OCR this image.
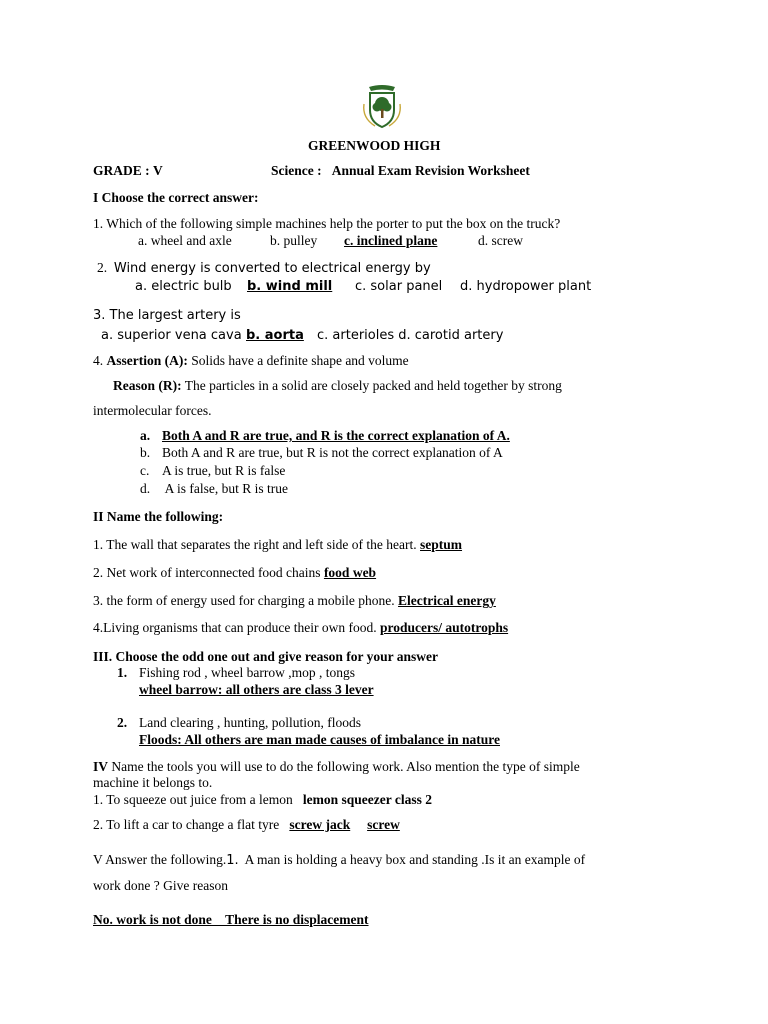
GREENWOOD HIGH
GRADE : V	Science : Annual Exam Revision Worksheet
I Choose the correct answer:
1. Which of the following simple machines help the porter to put the box on the truck?
a. wheel and axle	b. pulley c. inclined plane	d. screw
2. Wind energy is converted to electrical energy by
a. electric bulb b. wind mill c. solar panel d. hydropower plant
3. The largest artery is
a. superior vena cava b. aorta c. arterioles d. carotid artery
4. Assertion (A): Solids have a definite shape and volume
Reason (R): The particles in a solid are closely packed and held together by strong
intermolecular forces.
a. Both A and R are true, and R is the correct explanation of A.
b. Both A and R are true, but R is not the correct explanation of A
c. A is true, but R is false
d. A is false, but R is true
II Name the following:
1. The wall that separates the right and left side of the heart. septum
2. Net work of interconnected food chains food web
3. the form of energy used for charging a mobile phone. Electrical energy
4.Living organisms that can produce their own food. producers/ autotrophs
III. Choose the odd one out and give reason for your answer
1. Fishing rod , wheel barrow ,mop , tongs
wheel barrow: all others are class 3 lever
2. Land clearing , hunting, pollution, floods
Floods: All others are man made causes of imbalance in nature
IV Name the tools you will use to do the following work. Also mention the type of simple
machine it belongs to.
1. To squeeze out juice from a lemon lemon squeezer class 2
2. To lift a car to change a flat tyre screw jack screw
V Answer the following.1.  A man is holding a heavy box and standing .Is it an example of
work done ? Give reason
No. work is not done    There is no displacement
